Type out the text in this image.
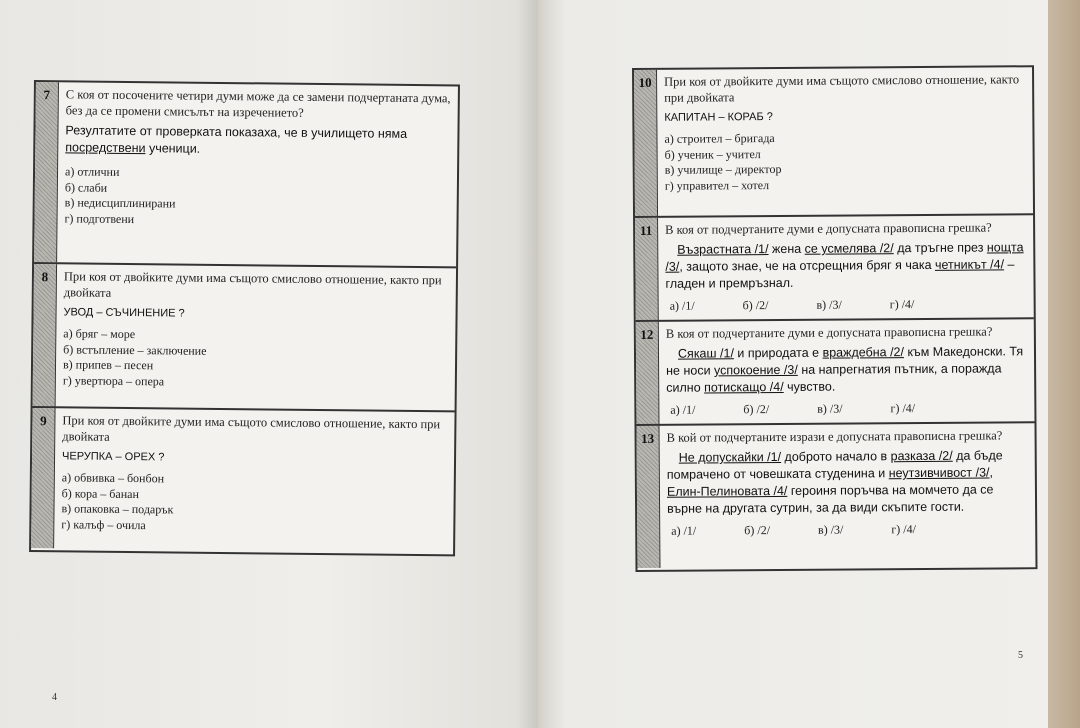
7	С коя от посочените четири думи може да се замени подчертаната дума, без да се промени смисълът на изречението?
Резултатите от проверката показаха, че в училището няма посредствени ученици.
а) отлични
б) слаби
в) недисциплинирани
г) подготвени
8	При коя от двойките думи има същото смислово отношение, както при двойката
УВОД – СЪЧИНЕНИЕ ?
а) бряг – море
б) встъпление – заключение
в) припев – песен
г) увертюра – опера
9	При коя от двойките думи има същото смислово отношение, както при двойката
ЧЕРУПКА – ОРЕХ ?
а) обвивка – бонбон
б) кора – банан
в) опаковка – подарък
г) калъф – очила
4
10 При коя от двойките думи има същото смислово отношение, както при двойката
КАПИТАН – КОРАБ ?
а) строител – бригада
б) ученик – учител
в) училище – директор
г) управител – хотел
11	В коя от подчертаните думи е допусната правописна грешка?
Възрастната /1/ жена се усмелява /2/ да тръгне през нощта /3/, защото знае, че на отсрещния бряг я чака четникът /4/ – гладен и премръзнал.
а) /1/	б) /2/	в) /3/	г) /4/
12 В коя от подчертаните думи е допусната правописна грешка?
Сякаш /1/ и природата е враждебна /2/ към Македонски. Тя не носи успокоение /3/ на напрегнатия пътник, а поражда силно потискащо /4/ чувство.
а) /1/	б) /2/	в) /3/	г) /4/
13 В кой от подчертаните изрази е допусната правописна грешка?
Не допускайки /1/ доброто начало в разказа /2/ да бъде помрачено от човешката студенина и неутзивчивост /3/, Елин-Пелиновата /4/ героиня поръчва на момчето да се върне на другата сутрин, за да види скъпите гости.
а) /1/	б) /2/	в) /3/	г) /4/
5
